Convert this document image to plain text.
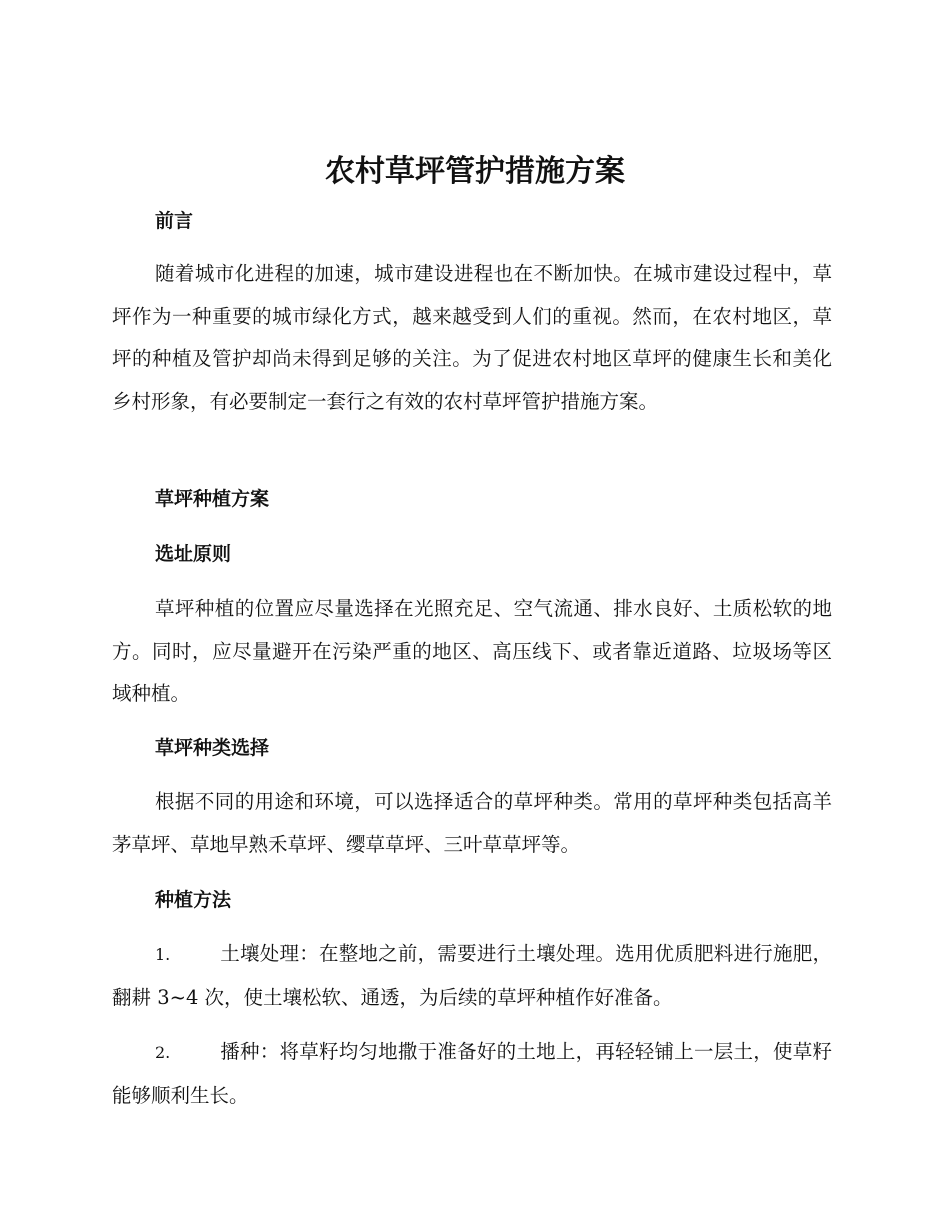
农村草坪管护措施方案
前言

随着城市化进程的加速，城市建设进程也在不断加快。在城市建设过程中，草坪作为一种重要的城市绿化方式，越来越受到人们的重视。然而，在农村地区，草坪的种植及管护却尚未得到足够的关注。为了促进农村地区草坪的健康生长和美化乡村形象，有必要制定一套行之有效的农村草坪管护措施方案。

草坪种植方案
选址原则

草坪种植的位置应尽量选择在光照充足、空气流通、排水良好、土质松软的地方。同时，应尽量避开在污染严重的地区、高压线下、或者靠近道路、垃圾场等区域种植。

草坪种类选择

根据不同的用途和环境，可以选择适合的草坪种类。常用的草坪种类包括高羊茅草坪、草地早熟禾草坪、缨草草坪、三叶草草坪等。

种植方法

1.	土壤处理：在整地之前，需要进行土壤处理。选用优质肥料进行施肥，翻耕 3~4 次，使土壤松软、通透，为后续的草坪种植作好准备。

2.	播种：将草籽均匀地撒于准备好的土地上，再轻轻铺上一层土，使草籽能够顺利生长。
